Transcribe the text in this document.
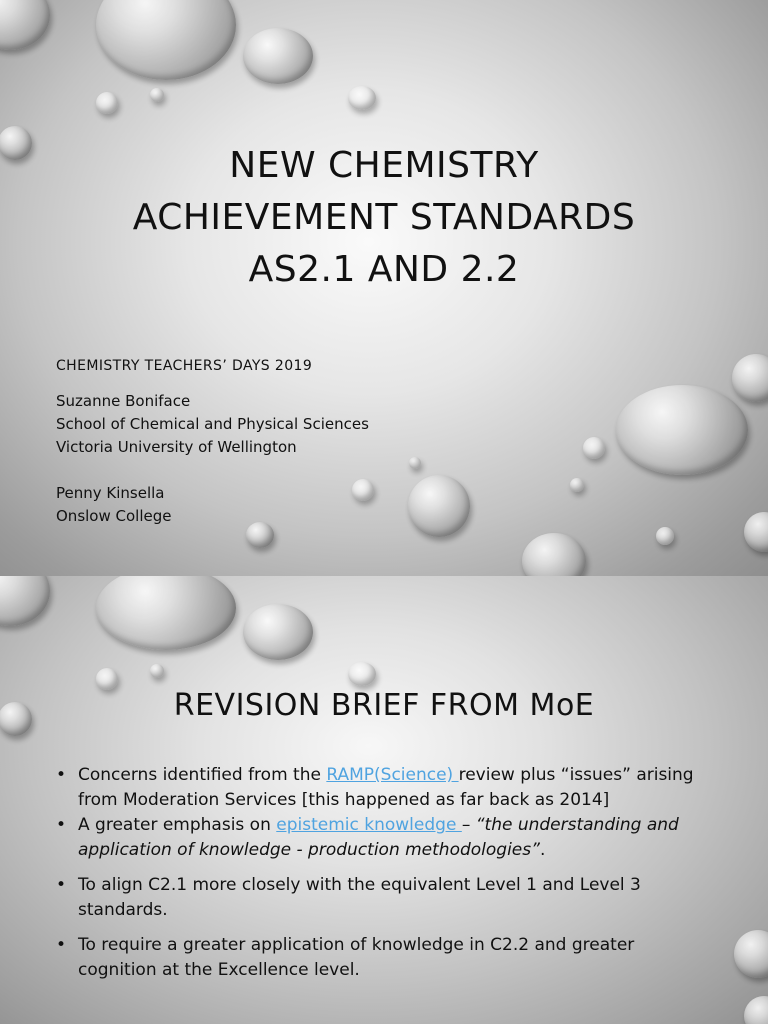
NEW CHEMISTRY
ACHIEVEMENT STANDARDS
AS2.1 AND 2.2
CHEMISTRY TEACHERS’ DAYS 2019
Suzanne Boniface
School of Chemical and Physical Sciences
Victoria University of Wellington
Penny Kinsella
Onslow College
REVISION BRIEF FROM MoE
• Concerns identified from the RAMP(Science) review plus “issues” arising from Moderation Services [this happened as far back as 2014]
• A greater emphasis on epistemic knowledge – “the understanding and application of knowledge - production methodologies”.
• To align C2.1 more closely with the equivalent Level 1 and Level 3 standards.
• To require a greater application of knowledge in C2.2 and greater cognition at the Excellence level.
